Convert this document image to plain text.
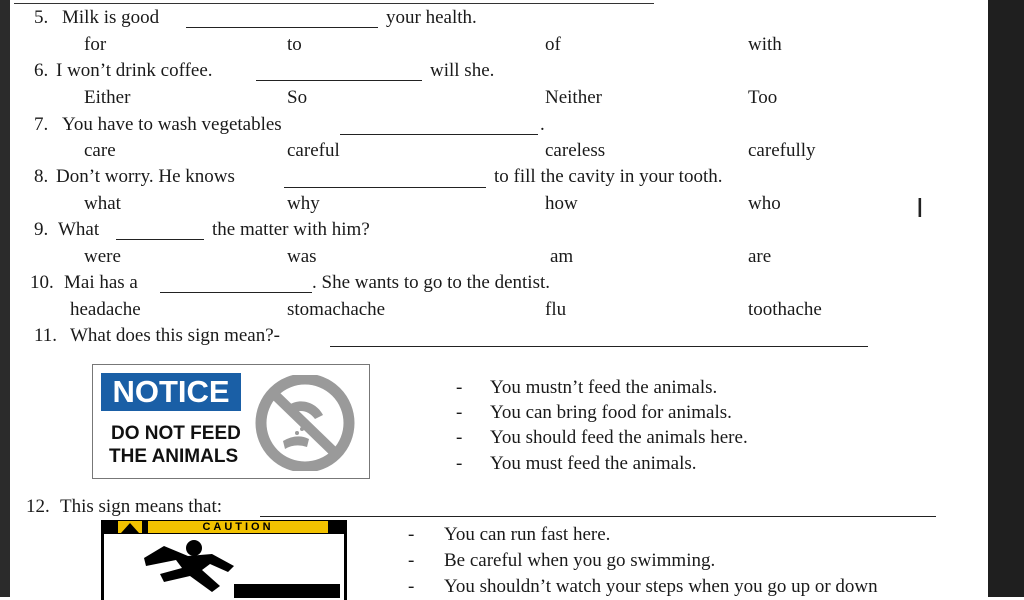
5. Milk is good	your health.
for	to	of	with
6. I won’t drink coffee.	will she.
Either	So	Neither	Too
7. You have to wash vegetables	.
care	careful	careless	carefully
8. Don’t worry. He knows	to fill the cavity in your tooth.
what	why	how	who
9. What	the matter with him?
were	was	am	are
10. Mai has a	. She wants to go to the dentist.
headache	stomachache	flu	toothache
11. What does this sign mean?-
NOTICE
DO NOT FEED
THE ANIMALS
- You mustn’t feed the animals.
- You can bring food for animals.
- You should feed the animals here.
- You must feed the animals.
12. This sign means that:
CAUTION	- You can run fast here.
- Be careful when you go swimming.
- You shouldn’t watch your steps when you go up or down
I
